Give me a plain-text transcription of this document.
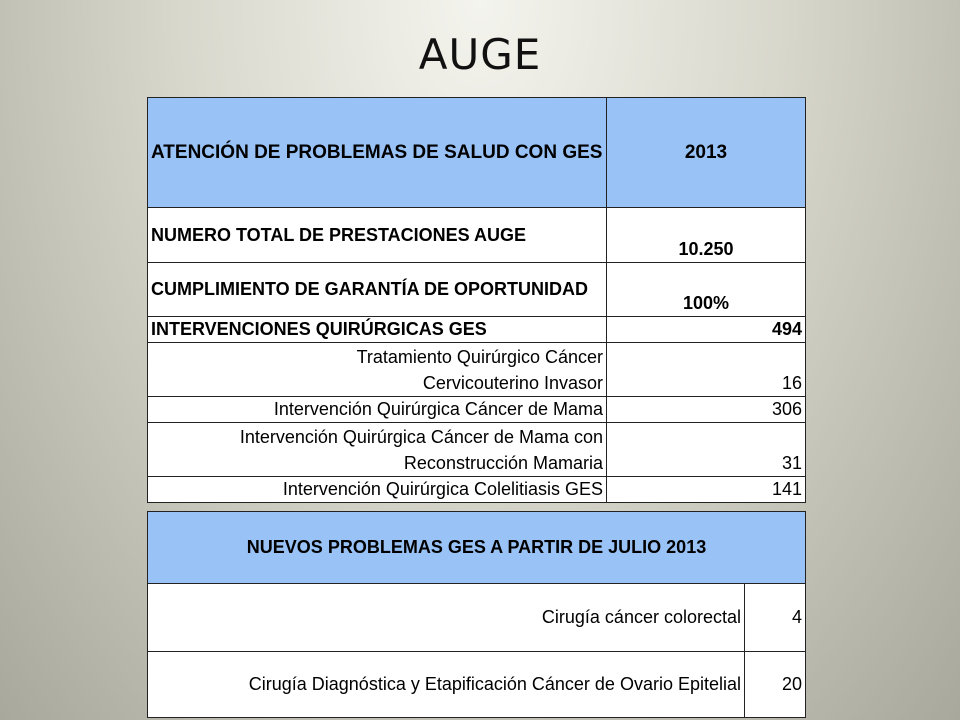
AUGE
ATENCIÓN DE PROBLEMAS DE SALUD CON GES	2013
NUMERO TOTAL DE PRESTACIONES AUGE	10.250
CUMPLIMIENTO DE GARANTÍA DE OPORTUNIDAD	100%
INTERVENCIONES QUIRÚRGICAS GES	494

Tratamiento Quirúrgico Cáncer Cervicouterino Invasor	16
Intervención Quirúrgica Cáncer de Mama	306

Intervención Quirúrgica Cáncer de Mama con Reconstrucción Mamaria	31
Intervención Quirúrgica Colelitiasis GES	141
NUEVOS PROBLEMAS GES A PARTIR DE JULIO 2013	
Cirugía cáncer colorectal	4
Cirugía Diagnóstica y Etapificación Cáncer de Ovario Epitelial	20
